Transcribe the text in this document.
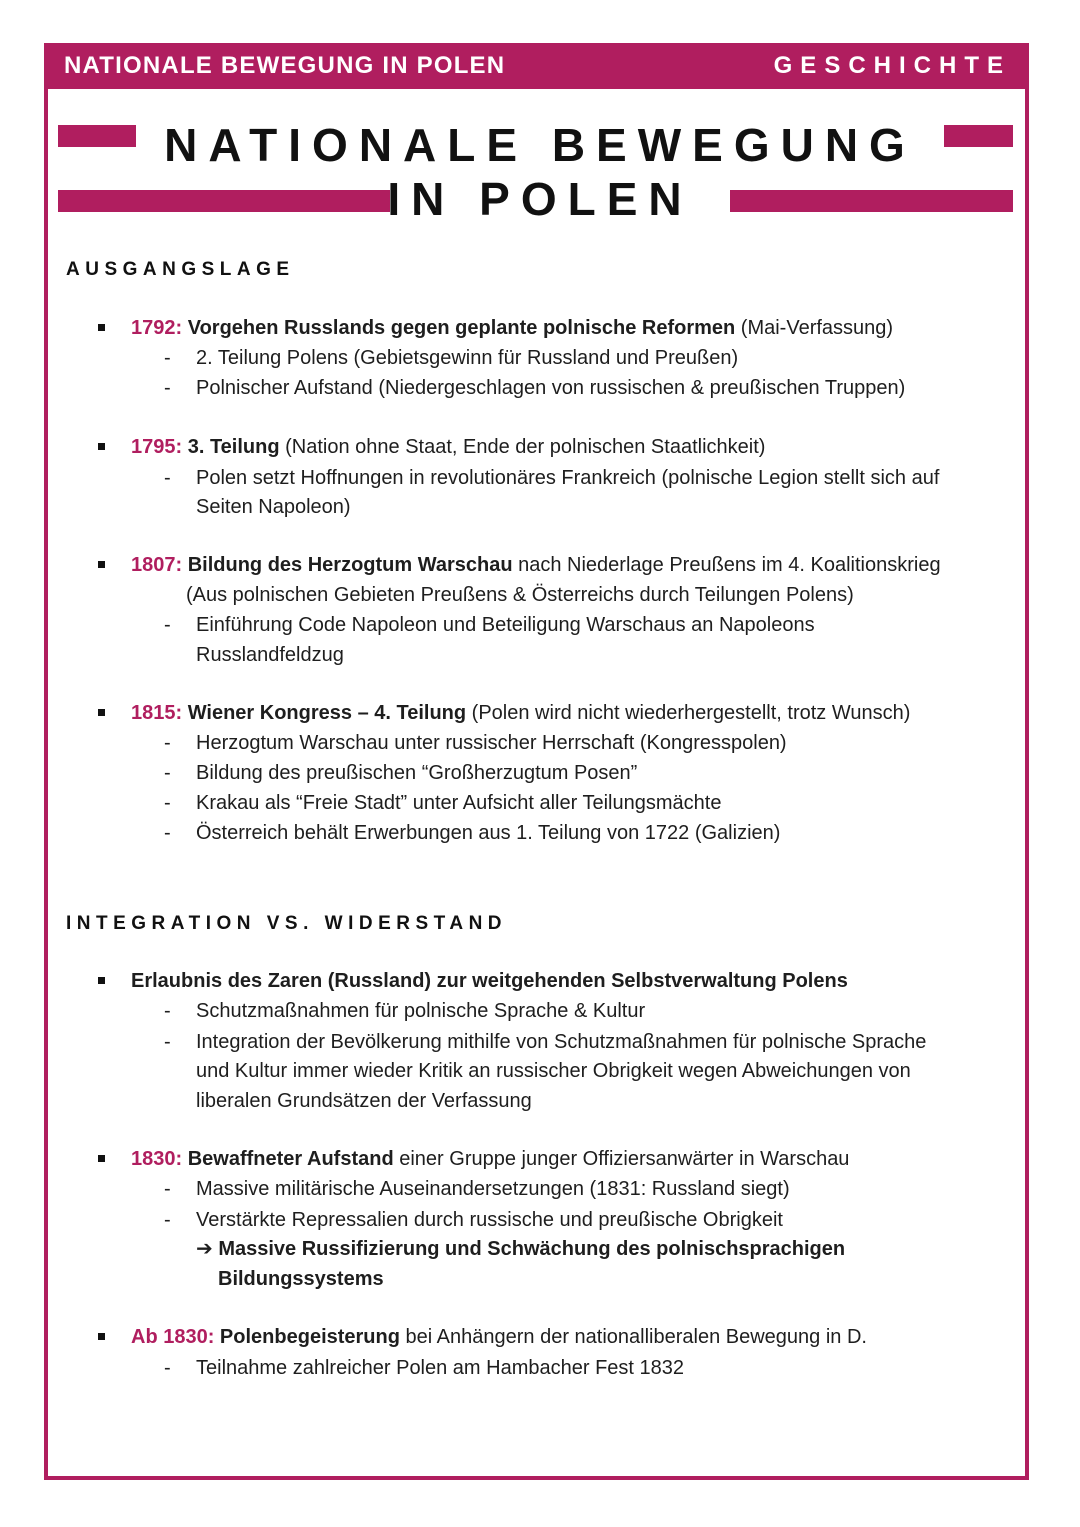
NATIONALE BEWEGUNG IN POLEN	GESCHICHTE
NATIONALE BEWEGUNG
IN POLEN
AUSGANGSLAGE
1792: Vorgehen Russlands gegen geplante polnische Reformen (Mai-Verfassung)
- 2. Teilung Polens (Gebietsgewinn für Russland und Preußen)
- Polnischer Aufstand (Niedergeschlagen von russischen & preußischen Truppen)
1795: 3. Teilung (Nation ohne Staat, Ende der polnischen Staatlichkeit)
- Polen setzt Hoffnungen in revolutionäres Frankreich (polnische Legion stellt sich auf
Seiten Napoleon)
1807: Bildung des Herzogtum Warschau nach Niederlage Preußens im 4. Koalitionskrieg
(Aus polnischen Gebieten Preußens & Österreichs durch Teilungen Polens)
- Einführung Code Napoleon und Beteiligung Warschaus an Napoleons
Russlandfeldzug
1815: Wiener Kongress – 4. Teilung (Polen wird nicht wiederhergestellt, trotz Wunsch)
- Herzogtum Warschau unter russischer Herrschaft (Kongresspolen)
- Bildung des preußischen “Großherzugtum Posen”
- Krakau als “Freie Stadt” unter Aufsicht aller Teilungsmächte
- Österreich behält Erwerbungen aus 1. Teilung von 1722 (Galizien)
INTEGRATION VS. WIDERSTAND
Erlaubnis des Zaren (Russland) zur weitgehenden Selbstverwaltung Polens
- Schutzmaßnahmen für polnische Sprache & Kultur
- Integration der Bevölkerung mithilfe von Schutzmaßnahmen für polnische Sprache
und Kultur immer wieder Kritik an russischer Obrigkeit wegen Abweichungen von
liberalen Grundsätzen der Verfassung
1830: Bewaffneter Aufstand einer Gruppe junger Offiziersanwärter in Warschau
- Massive militärische Auseinandersetzungen (1831: Russland siegt)
- Verstärkte Repressalien durch russische und preußische Obrigkeit
➔ Massive Russifizierung und Schwächung des polnischsprachigen
Bildungssystems
Ab 1830: Polenbegeisterung bei Anhängern der nationalliberalen Bewegung in D.
- Teilnahme zahlreicher Polen am Hambacher Fest 1832
